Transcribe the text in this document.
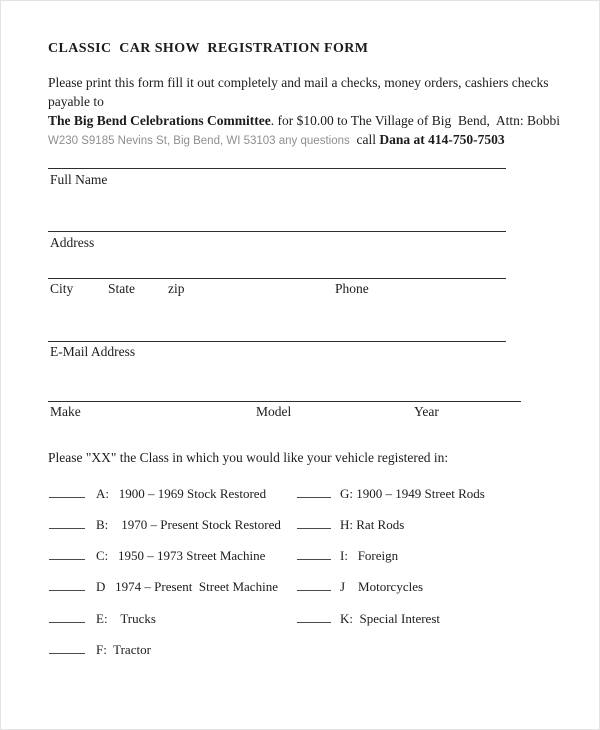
CLASSIC  CAR SHOW  REGISTRATION FORM
Please print this form fill it out completely and mail a checks, money orders, cashiers checks payable to
The Big Bend Celebrations Committee. for $10.00 to The Village of Big  Bend,  Attn: Bobbi
W230 S9185 Nevins St, Big Bend, WI 53103 any questions  call Dana at 414-750-7503
Full Name
Address
City	State zip	Phone
E-Mail Address
Make	Model	Year
Please "XX" the Class in which you would like your vehicle registered in:
A:   1900 – 1969 Stock Restored
B:    1970 – Present Stock Restored
C:   1950 – 1973 Street Machine
D   1974 – Present  Street Machine
E:    Trucks
F:  Tractor
G: 1900 – 1949 Street Rods
H: Rat Rods
I:   Foreign
J    Motorcycles
K:  Special Interest
